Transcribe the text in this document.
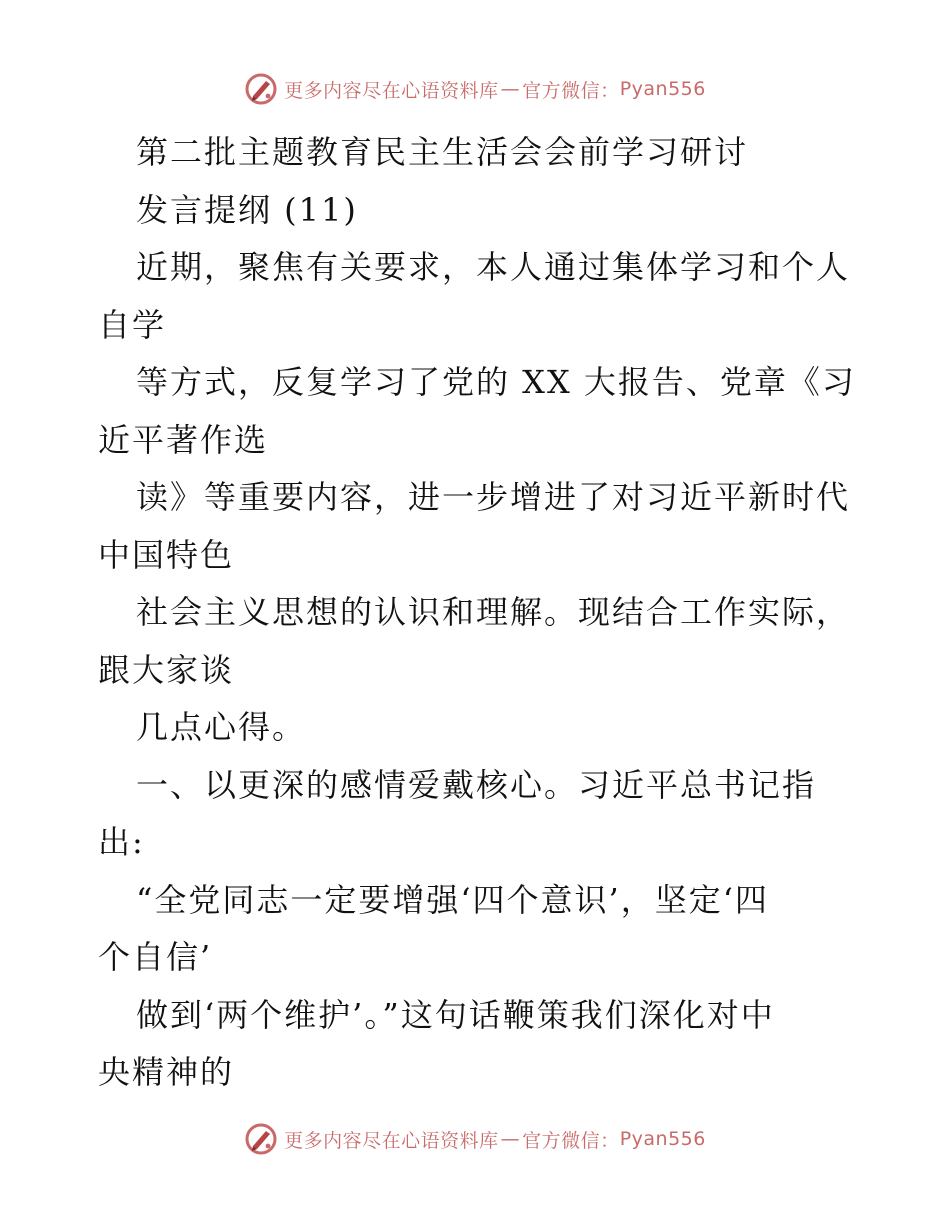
更多内容尽在心语资料库 — 官方微信： Pyan556
第二批主题教育民主生活会会前学习研讨
发言提纲 (11)
近期，聚焦有关要求，本人通过集体学习和个人
自学
等方式，反复学习了党的 XX 大报告、党章《习
近平著作选
读》等重要内容，进一步增进了对习近平新时代
中国特色
社会主义思想的认识和理解。现结合工作实际，
跟大家谈
几点心得。
一、以更深的感情爱戴核心。习近平总书记指
出:
“全党同志一定要增强‘四个意识’，坚定‘四
个自信’
做到‘两个维护’。”这句话鞭策我们深化对中
央精神的
更多内容尽在心语资料库 — 官方微信： Pyan556
